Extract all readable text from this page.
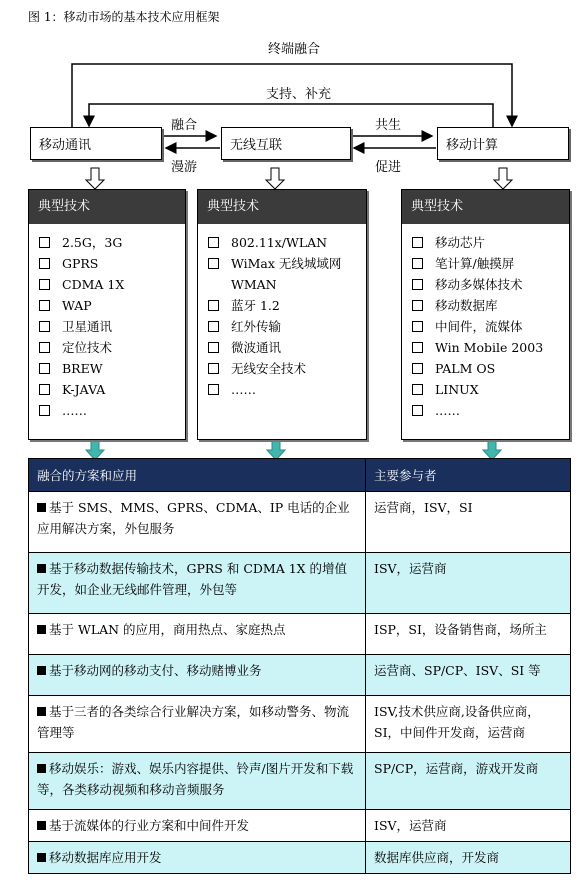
图 1：移动市场的基本技术应用框架
终端融合
支持、补充
融合
漫游
共生
促进
移动通讯	无线互联	移动计算
典型技术
2.5G，3G
GPRS
CDMA 1X
WAP
卫星通讯
定位技术
BREW
K-JAVA
……
典型技术
802.11x/WLAN
WiMax 无线城域网
WMAN
蓝牙 1.2
红外传输
微波通讯
无线安全技术
……
典型技术
移动芯片
笔计算/触摸屏
移动多媒体技术
移动数据库
中间件，流媒体
Win Mobile 2003
PALM OS
LINUX
……
融合的方案和应用	主要参与者
基于 SMS、MMS、GPRS、CDMA、IP 电话的企业应用解决方案，外包服务	运营商，ISV，SI
基于移动数据传输技术，GPRS 和 CDMA 1X 的增值开发，如企业无线邮件管理，外包等	ISV，运营商
基于 WLAN 的应用，商用热点、家庭热点	ISP，SI，设备销售商，场所主
基于移动网的移动支付、移动赌博业务	运营商、SP/CP、ISV、SI 等
基于三者的各类综合行业解决方案，如移动警务、物流管理等	ISV,技术供应商,设备供应商，SI，中间件开发商，运营商
移动娱乐：游戏、娱乐内容提供、铃声/图片开发和下载等，各类移动视频和移动音频服务	SP/CP，运营商，游戏开发商
基于流媒体的行业方案和中间件开发	ISV，运营商
移动数据库应用开发	数据库供应商，开发商
